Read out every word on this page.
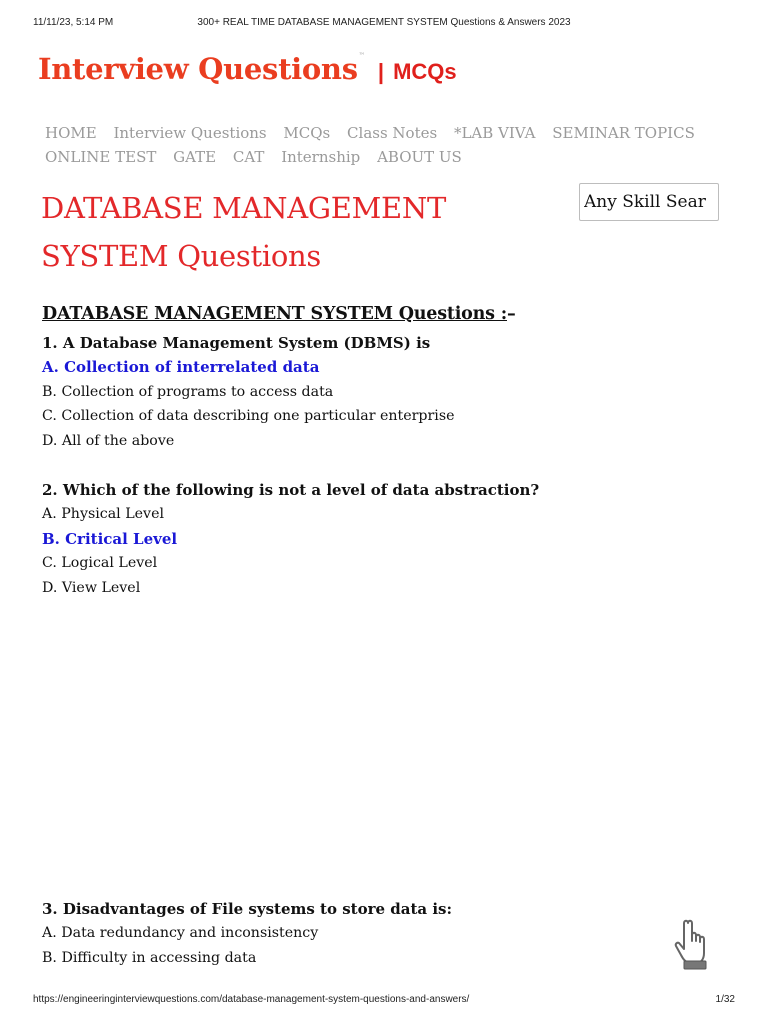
11/11/23, 5:14 PM	300+ REAL TIME DATABASE MANAGEMENT SYSTEM Questions & Answers 2023
Interview Questions™ | MCQs
HOME Interview Questions MCQs Class Notes *LAB VIVA SEMINAR TOPICS ONLINE TEST GATE CAT Internship ABOUT US
DATABASE MANAGEMENT SYSTEM Questions
Any Skill Sear
DATABASE MANAGEMENT SYSTEM Questions :–
1. A Database Management System (DBMS) is
A. Collection of interrelated data
B. Collection of programs to access data
C. Collection of data describing one particular enterprise
D. All of the above
2. Which of the following is not a level of data abstraction?
A. Physical Level
B. Critical Level
C. Logical Level
D. View Level
3. Disadvantages of File systems to store data is:
A. Data redundancy and inconsistency
B. Difficulty in accessing data
https://engineeringinterviewquestions.com/database-management-system-questions-and-answers/	1/32
